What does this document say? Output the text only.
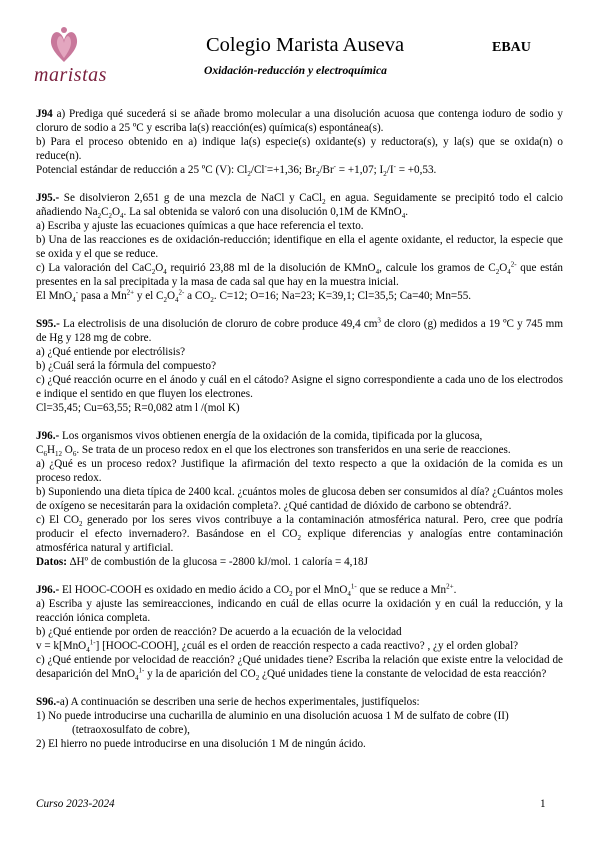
maristas
Colegio Marista Auseva	EBAU
Oxidación-reducción y electroquímica

J94 a) Prediga qué sucederá si se añade bromo molecular a una disolución acuosa que contenga ioduro de sodio y cloruro de sodio a 25 ºC y escriba la(s) reacción(es) química(s) espontánea(s).

b) Para el proceso obtenido en a) indique la(s) especie(s) oxidante(s) y reductora(s), y la(s) que se oxida(n) o reduce(n).

Potencial estándar de reducción a 25 ºC (V): $Cl_2/Cl^-=+1,36$; $Br_2/Br^- = +1,07$; $I_2/I^- = +0,53$.

J95.- Se disolvieron 2,651 g de una mezcla de NaCl y CaCl$_2$ en agua. Seguidamente se precipitó todo el calcio añadiendo $Na_2C_2O_4$. La sal obtenida se valoró con una disolución 0,1M de KMnO$_4$.

a) Escriba y ajuste las ecuaciones químicas a que hace referencia el texto.

b) Una de las reacciones es de oxidación-reducción; identifique en ella el agente oxidante, el reductor, la especie que se oxida y el que se reduce.

c) La valoración del $CaC_2O_4$ requirió 23,88 ml de la disolución de KMnO$_4$, calcule los gramos de $C_2O_4^{2-}$ que están presentes en la sal precipitada y la masa de cada sal que hay en la muestra inicial.

El MnO$_4$- pasa a $Mn^{2+}$ y el $C_2O_4^{2-}$ a $CO_2$. C=12; O=16; Na=23; K=39,1; Cl=35,5; Ca=40; Mn=55.

S95.- La electrolisis de una disolución de cloruro de cobre produce 49,4 $cm^3$ de cloro (g) medidos a 19 ºC y 745 mm de Hg y 128 mg de cobre.

a) ¿Qué entiende por electrólisis?

b) ¿Cuál será la fórmula del compuesto?

c) ¿Qué reacción ocurre en el ánodo y cuál en el cátodo? Asigne el signo correspondiente a cada uno de los electrodos e indique el sentido en que fluyen los electrones.

Cl=35,45; Cu=63,55; R=0,082 atm l /(mol K)

J96.- Los organismos vivos obtienen energía de la oxidación de la comida, tipificada por la glucosa,

$C_6H_{12}$ $O_6$. Se trata de un proceso redox en el que los electrones son transferidos en una serie de reacciones.

a) ¿Qué es un proceso redox? Justifique la afirmación del texto respecto a que la oxidación de la comida es un proceso redox.

b) Suponiendo una dieta típica de 2400 kcal. ¿cuántos moles de glucosa deben ser consumidos al día? ¿Cuántos moles de oxígeno se necesitarán para la oxidación completa?. ¿Qué cantidad de dióxido de carbono se obtendrá?.

c) El $CO_2$ generado por los seres vivos contribuye a la contaminación atmosférica natural. Pero, cree que podría producir el efecto invernadero?. Basándose en el $CO_2$ explique diferencias y analogías entre contaminación atmosférica natural y artificial.

Datos: ∆Hº de combustión de la glucosa = -2800 kJ/mol. 1 caloría = 4,18J

J96.- El HOOC-COOH es oxidado en medio ácido a $CO_2$ por el MnO$_4^{1-}$ que se reduce a $Mn^{2+}$.

a) Escriba y ajuste las semireacciones, indicando en cuál de ellas ocurre la oxidación y en cuál la reducción, y la reacción iónica completa.

b) ¿Qué entiende por orden de reacción? De acuerdo a la ecuación de la velocidad

v = k[MnO$_4^{1-}$] [HOOC-COOH], ¿cuál es el orden de reacción respecto a cada reactivo? , ¿y el orden global?

c) ¿Qué entiende por velocidad de reacción? ¿Qué unidades tiene? Escriba la relación que existe entre la velocidad de desaparición del MnO$_4^{1-}$ y la de aparición del $CO_2$ ¿Qué unidades tiene la constante de velocidad de esta reacción?

S96.-a) A continuación se describen una serie de hechos experimentales, justifíquelos:

1) No puede introducirse una cucharilla de aluminio en una disolución acuosa 1 M de sulfato de cobre (II)

(tetraoxosulfato de cobre),

2) El hierro no puede introducirse en una disolución 1 M de ningún ácido.

Curso 2023-2024	1
